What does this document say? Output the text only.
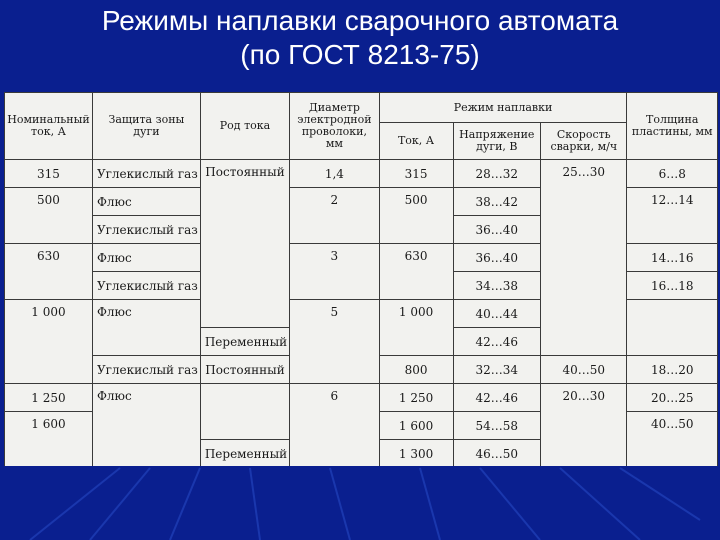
Режимы наплавки сварочного автомата
(по ГОСТ 8213-75)
Номинальный ток, А	Защита зоны дуги	Род тока	Диаметр электродной проволоки, мм	Режим наплавки			Толщина пластины, мм
				Ток, А	Напряжение дуги, В	Скорость сварки, м/ч	
315	Углекислый газ	Постоянный	1,4	315	28…32	25…30	6…8
500	Флюс		2	500	38…42		12…14
	Углекислый газ				36…40		
630	Флюс		3	630	36…40		14…16
	Углекислый газ				34…38		16…18
1 000	Флюс		5	1 000	40…44		
		Переменный			42…46		
	Углекислый газ	Постоянный		800	32…34	40…50	18…20
1 250	Флюс		6	1 250	42…46	20…30	20…25
1 600				1 600	54…58		40…50
		Переменный		1 300	46…50		
